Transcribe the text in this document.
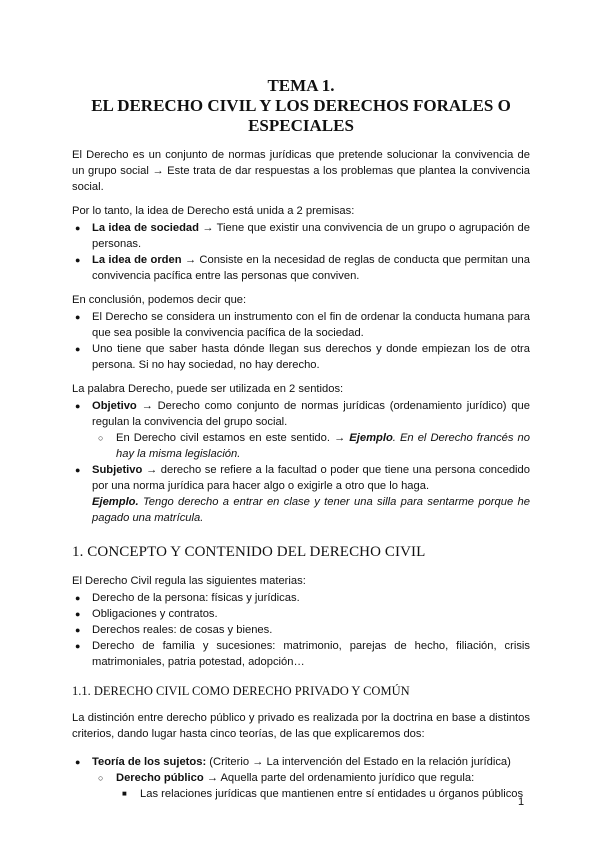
TEMA 1.
EL DERECHO CIVIL Y LOS DERECHOS FORALES O
ESPECIALES

El Derecho es un conjunto de normas jurídicas que pretende solucionar la convivencia de un grupo social → Este trata de dar respuestas a los problemas que plantea la convivencia social.

Por lo tanto, la idea de Derecho está unida a 2 premisas:

● La idea de sociedad → Tiene que existir una convivencia de un grupo o agrupación de personas.
● La idea de orden → Consiste en la necesidad de reglas de conducta que permitan una convivencia pacífica entre las personas que conviven.

En conclusión, podemos decir que:

● El Derecho se considera un instrumento con el fin de ordenar la conducta humana para que sea posible la convivencia pacífica de la sociedad.
● Uno tiene que saber hasta dónde llegan sus derechos y donde empiezan los de otra persona. Si no hay sociedad, no hay derecho.

La palabra Derecho, puede ser utilizada en 2 sentidos:

● Objetivo → Derecho como conjunto de normas jurídicas (ordenamiento jurídico) que regulan la convivencia del grupo social.
○ En Derecho civil estamos en este sentido. → Ejemplo. En el Derecho francés no hay la misma legislación.
● Subjetivo → derecho se refiere a la facultad o poder que tiene una persona concedido por una norma jurídica para hacer algo o exigirle a otro que lo haga.
Ejemplo. Tengo derecho a entrar en clase y tener una silla para sentarme porque he pagado una matrícula.
1. CONCEPTO Y CONTENIDO DEL DERECHO CIVIL

El Derecho Civil regula las siguientes materias:

● Derecho de la persona: físicas y jurídicas.
● Obligaciones y contratos.
● Derechos reales: de cosas y bienes.
● Derecho de familia y sucesiones: matrimonio, parejas de hecho, filiación, crisis matrimoniales, patria potestad, adopción…
1.1. DERECHO CIVIL COMO DERECHO PRIVADO Y COMÚN

La distinción entre derecho público y privado es realizada por la doctrina en base a distintos criterios, dando lugar hasta cinco teorías, de las que explicaremos dos:

● Teoría de los sujetos: (Criterio → La intervención del Estado en la relación jurídica)
○ Derecho público → Aquella parte del ordenamiento jurídico que regula:
■ Las relaciones jurídicas que mantienen entre sí entidades u órganos públicos
1
